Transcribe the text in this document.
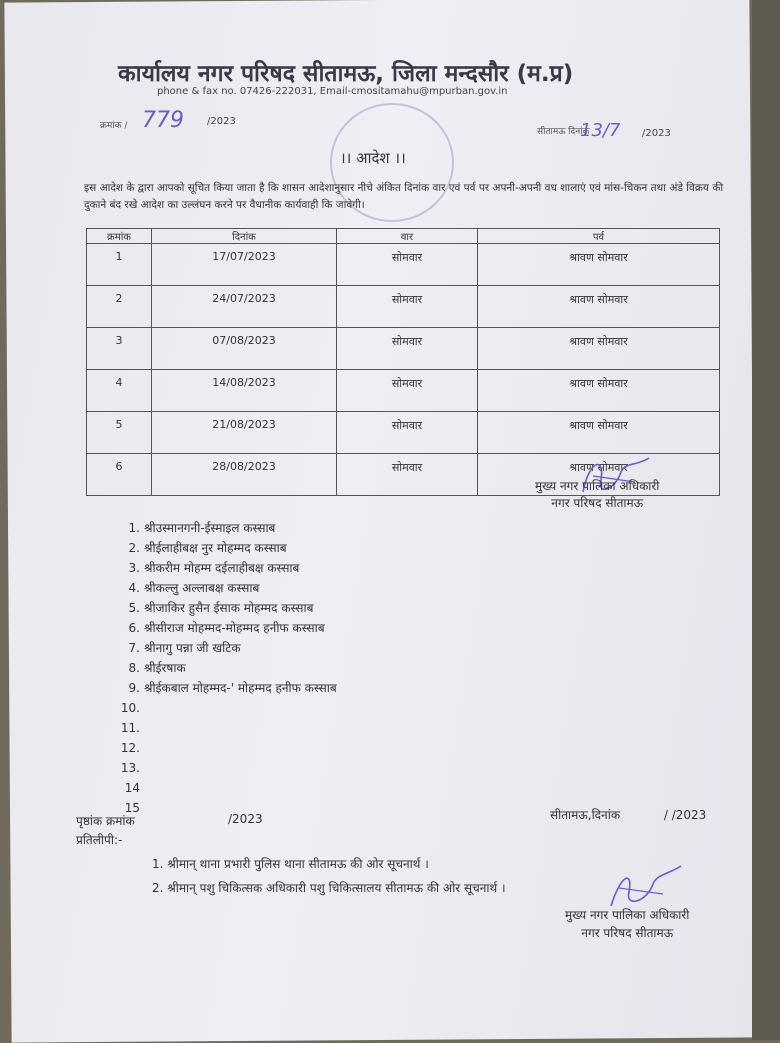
कार्यालय नगर परिषद सीतामऊ, जिला मन्दसौर (म.प्र)
phone & fax no. 07426-222031, Email-cmositamahu@mpurban.gov.in
क्रमांक / 779 /2023
सीतामऊ दिनांक
13/7 /2023
।। आदेश ।।
इस आदेश के द्वारा आपको सूचित किया जाता है कि शासन आदेशानुसार नीचे अंकित दिनांक वार एवं पर्व पर अपनी-अपनी वध शालाएं एवं मांस-चिकन तथा अंडे विक्रय की दुकाने बंद रखे आदेश का उल्लंघन करने पर वैधानीक कार्यवाही कि जावेगी।
क्रमांक	दिनांक	वार	पर्व
1	17/07/2023	सोमवार	श्रावण सोमवार
2	24/07/2023	सोमवार	श्रावण सोमवार
3	07/08/2023	सोमवार	श्रावण सोमवार
4	14/08/2023	सोमवार	श्रावण सोमवार
5	21/08/2023	सोमवार	श्रावण सोमवार
6	28/08/2023	सोमवार	श्रावण सोमवार
मुख्य नगर पालिका अधिकारी
नगर परिषद सीतामऊ
1. श्रीउस्मानगनी-ईस्माइल कस्साब
2. श्रीईलाहीबक्ष नुर मोहम्मद कस्साब
3. श्रीकरीम मोहम्म दईलाहीबक्ष कस्साब
4. श्रीकल्लु अल्लाबक्ष कस्साब
5. श्रीजाकिर हुसैन ईसाक मोहम्मद कस्साब
6. श्रीसीराज मोहम्मद-मोहम्मद हनीफ कस्साब
7. श्रीनागु पन्ना जी खटिक
8. श्रीईरषाक
9. श्रीईकबाल मोहम्मद-' मोहम्मद हनीफ कस्साब
10.
11.
12.
13.
14
15
पृष्ठांक क्रमांक
प्रतिलीपी:-
/2023	सीतामऊ,दिनांक	/ /2023
1. श्रीमान् थाना प्रभारी पुलिस थाना सीतामऊ की ओर सूचनार्थ ।
2. श्रीमान् पशु चिकित्सक अधिकारी पशु चिकित्सालय सीतामऊ की ओर सूचनार्थ ।
मुख्य नगर पालिका अधिकारी
नगर परिषद सीतामऊ
